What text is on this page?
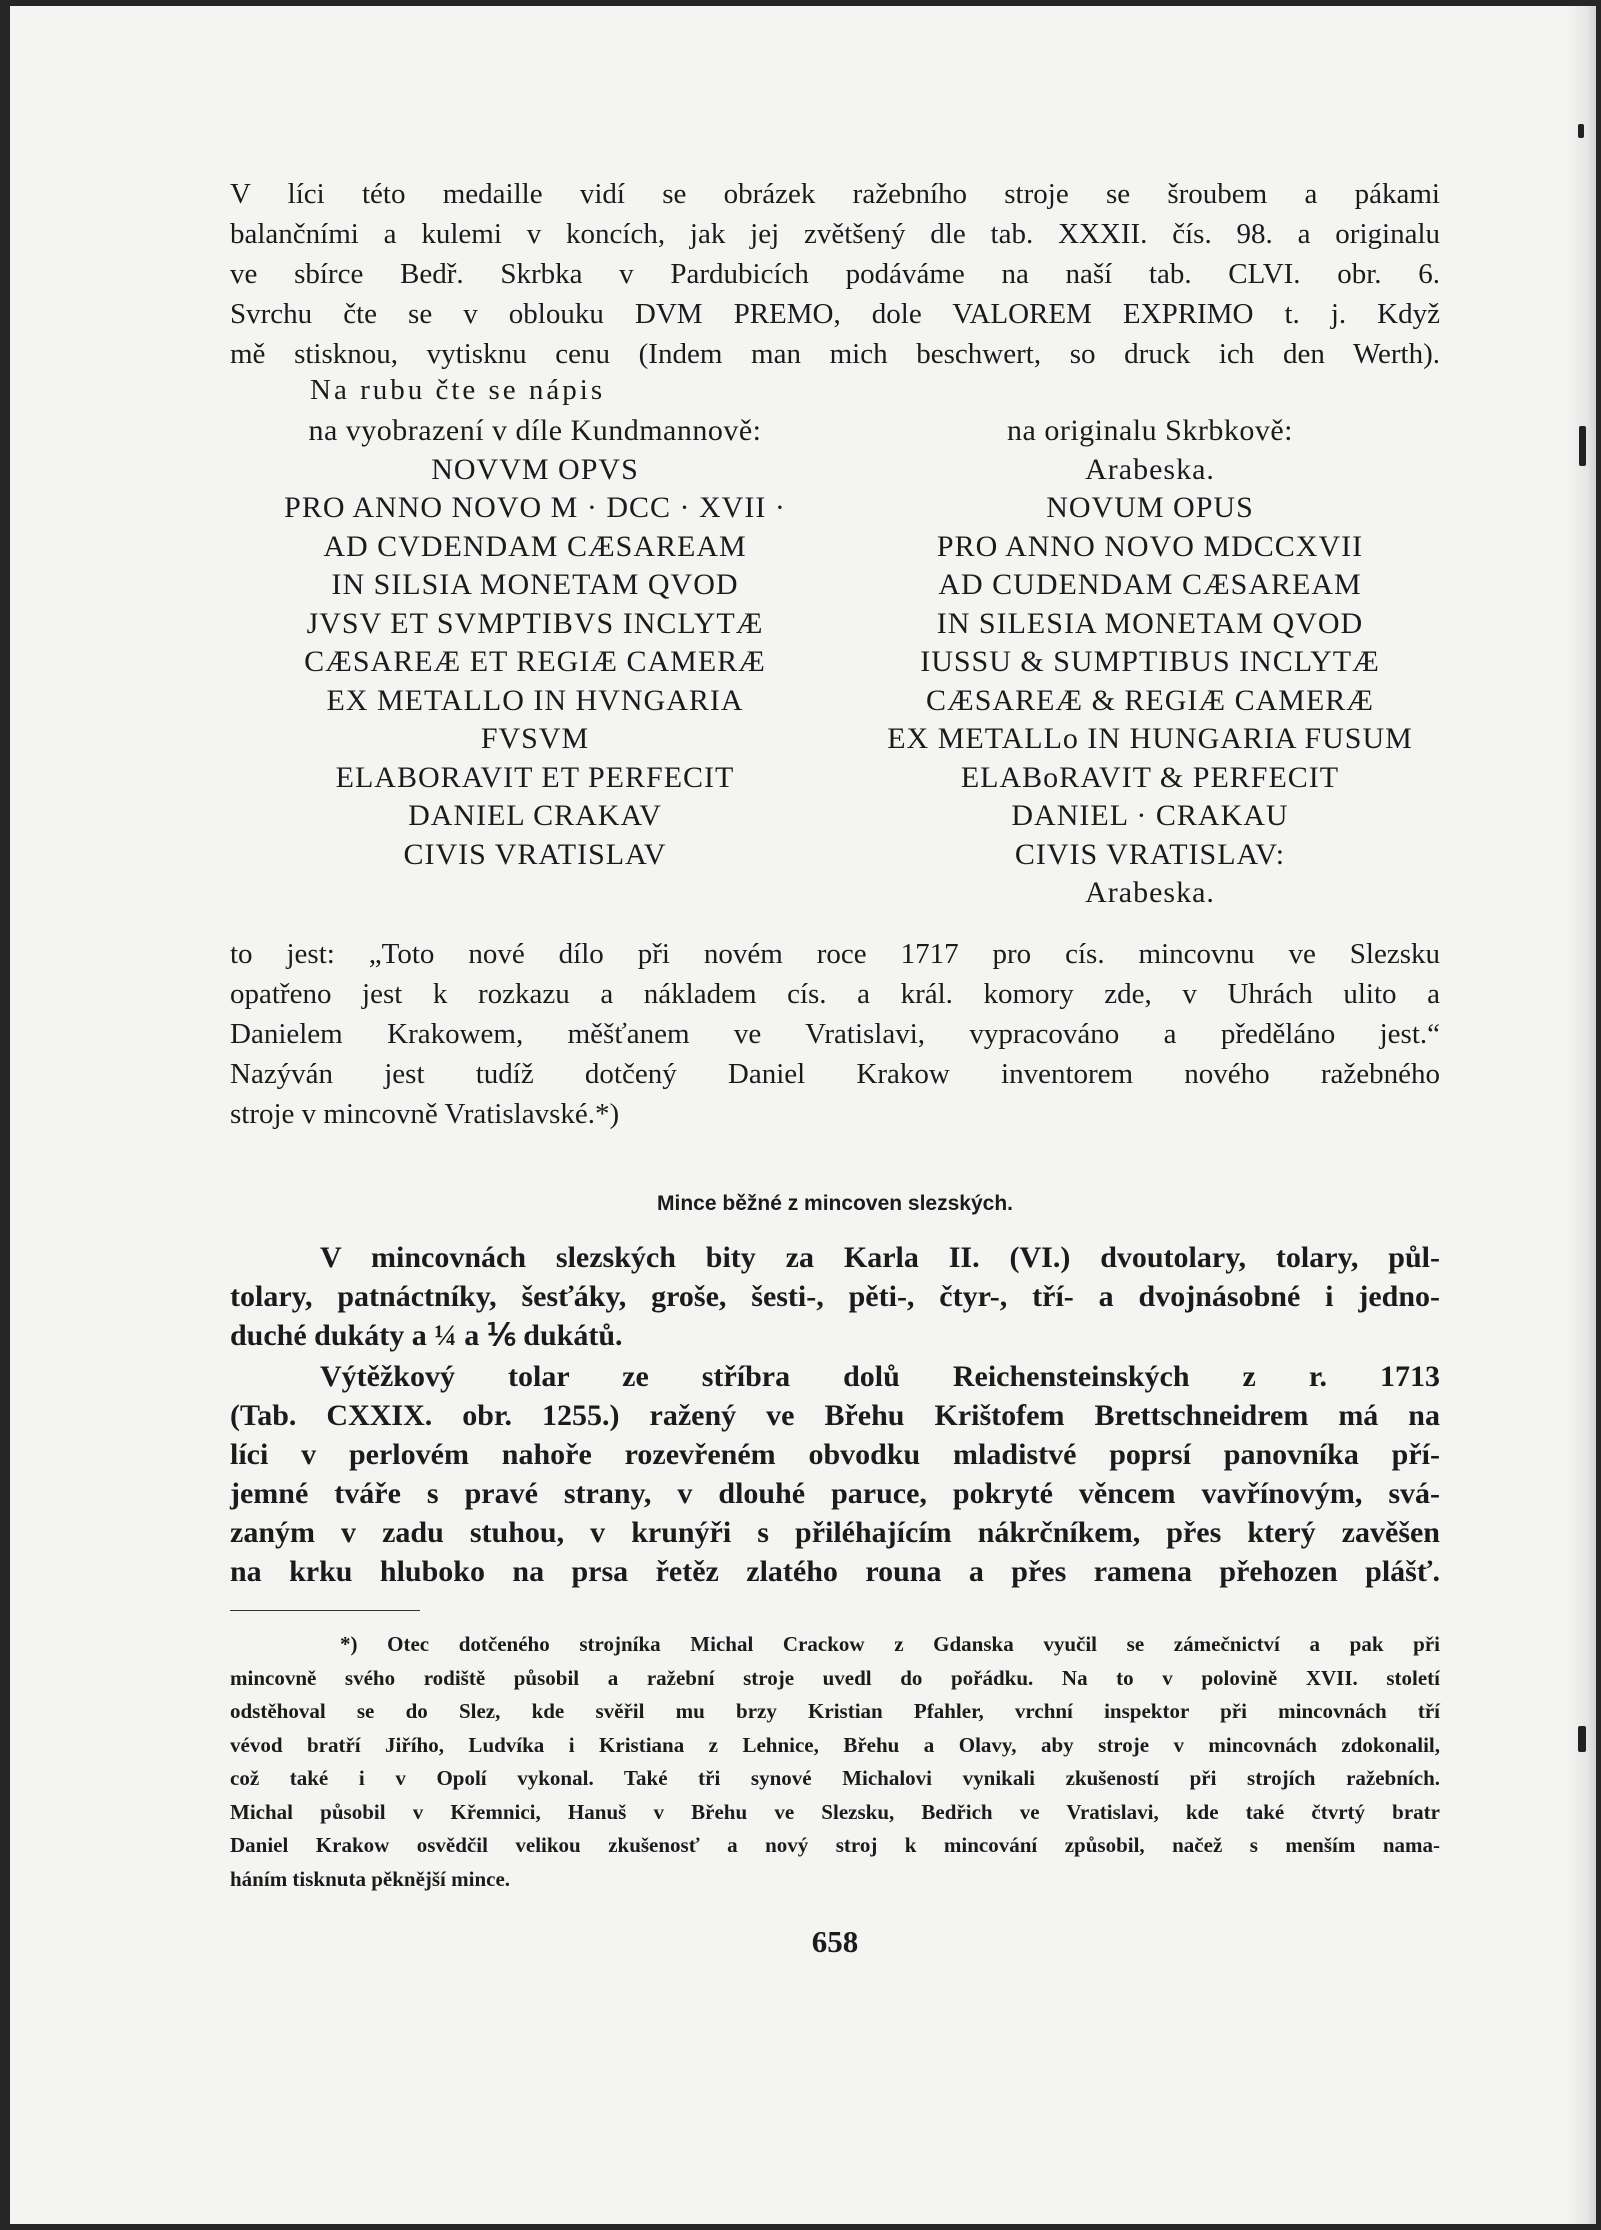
V líci této medaille vidí se obrázek ražebního stroje se šroubem a pákami

balančními a kulemi v koncích, jak jej zvětšený dle tab. XXXII. čís. 98. a originalu

ve sbírce Bedř. Skrbka v Pardubicích podáváme na naší tab. CLVI. obr. 6.

Svrchu čte se v oblouku DVM PREMO, dole VALOREM EXPRIMO t. j. Když

mě stisknou, vytisknu cenu (Indem man mich beschwert, so druck ich den Werth).

Na rubu čte se nápis
na vyobrazení v díle Kundmannově:
NOVVM OPVS
PRO ANNO NOVO M · DCC · XVII ·
AD CVDENDAM CÆSAREAM
IN SILSIA MONETAM QVOD
JVSV ET SVMPTIBVS INCLYTÆ
CÆSAREÆ ET REGIÆ CAMERÆ
EX METALLO IN HVNGARIA
FVSVM
ELABORAVIT ET PERFECIT
DANIEL CRAKAV
CIVIS VRATISLAV
na originalu Skrbkově:
Arabeska.
NOVUM OPUS
PRO ANNO NOVO MDCCXVII
AD CUDENDAM CÆSAREAM
IN SILESIA MONETAM QVOD
IUSSU & SUMPTIBUS INCLYTÆ
CÆSAREÆ & REGIÆ CAMERÆ
EX METALLo IN HUNGARIA FUSUM
ELABoRAVIT & PERFECIT
DANIEL · CRAKAU
CIVIS VRATISLAV:
Arabeska.

to jest: „Toto nové dílo při novém roce 1717 pro cís. mincovnu ve Slezsku

opatřeno jest k rozkazu a nákladem cís. a král. komory zde, v Uhrách ulito a

Danielem Krakowem, měšťanem ve Vratislavi, vypracováno a předěláno jest.“

Nazýván jest tudíž dotčený Daniel Krakow inventorem nového ražebného

stroje v mincovně Vratislavské.*)

Mince běžné z mincoven slezských.

V mincovnách slezských bity za Karla II. (VI.) dvoutolary, tolary, půl-

tolary, patnáctníky, šesťáky, groše, šesti-, pěti-, čtyr-, tří- a dvojnásobné i jedno-

duché dukáty a ¼ a ⅙ dukátů.

Výtěžkový tolar ze stříbra dolů Reichensteinských z r. 1713

(Tab. CXXIX. obr. 1255.) ražený ve Břehu Krištofem Brettschneidrem má na

líci v perlovém nahoře rozevřeném obvodku mladistvé poprsí panovníka pří-

jemné tváře s pravé strany, v dlouhé paruce, pokryté věncem vavřínovým, svá-

zaným v zadu stuhou, v krunýři s přiléhajícím nákrčníkem, přes který zavěšen

na krku hluboko na prsa řetěz zlatého rouna a přes ramena přehozen plášť.

*) Otec dotčeného strojníka Michal Crackow z Gdanska vyučil se zámečnictví a pak při

mincovně svého rodiště působil a ražební stroje uvedl do pořádku. Na to v polovině XVII. století

odstěhoval se do Slez, kde svěřil mu brzy Kristian Pfahler, vrchní inspektor při mincovnách tří

vévod bratří Jiřího, Ludvíka i Kristiana z Lehnice, Břehu a Olavy, aby stroje v mincovnách zdokonalil,

což také i v Opolí vykonal. Také tři synové Michalovi vynikali zkušeností při strojích ražebních.

Michal působil v Křemnici, Hanuš v Břehu ve Slezsku, Bedřich ve Vratislavi, kde také čtvrtý bratr

Daniel Krakow osvědčil velikou zkušenosť a nový stroj k mincování způsobil, načež s menším nama-

háním tisknuta pěknější mince.

658
